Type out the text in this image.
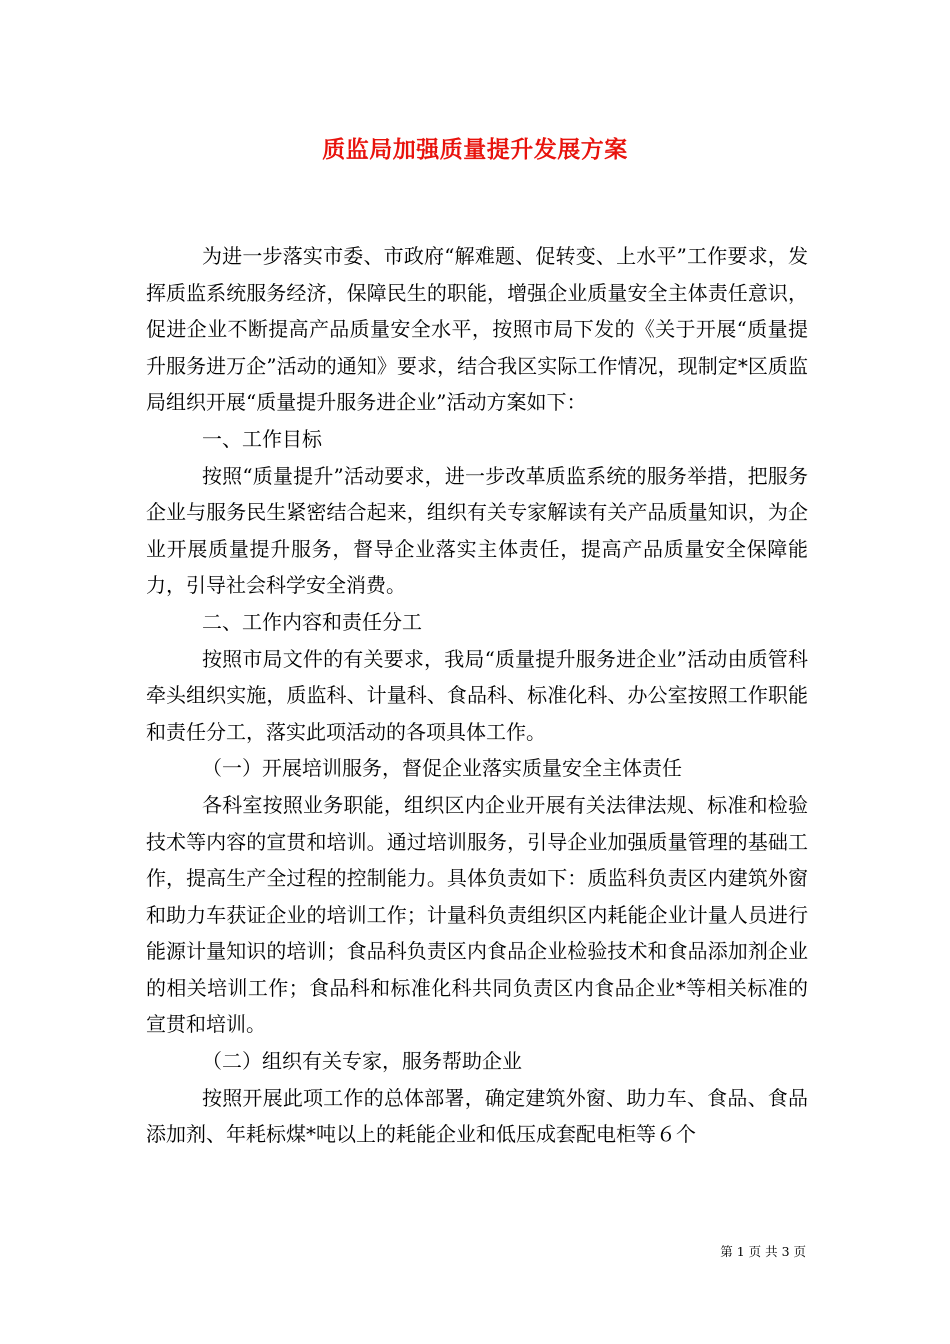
质监局加强质量提升发展方案

为进一步落实市委、市政府“解难题、促转变、上水平”工作要求，发挥质监系统服务经济，保障民生的职能，增强企业质量安全主体责任意识，促进企业不断提高产品质量安全水平，按照市局下发的《关于开展“质量提升服务进万企”活动的通知》要求，结合我区实际工作情况，现制定*区质监局组织开展“质量提升服务进企业”活动方案如下：

一、工作目标

按照“质量提升”活动要求，进一步改革质监系统的服务举措，把服务企业与服务民生紧密结合起来，组织有关专家解读有关产品质量知识，为企业开展质量提升服务，督导企业落实主体责任，提高产品质量安全保障能力，引导社会科学安全消费。

二、工作内容和责任分工

按照市局文件的有关要求，我局“质量提升服务进企业”活动由质管科牵头组织实施，质监科、计量科、食品科、标准化科、办公室按照工作职能和责任分工，落实此项活动的各项具体工作。

（一）开展培训服务，督促企业落实质量安全主体责任

各科室按照业务职能，组织区内企业开展有关法律法规、标准和检验技术等内容的宣贯和培训。通过培训服务，引导企业加强质量管理的基础工作，提高生产全过程的控制能力。具体负责如下：质监科负责区内建筑外窗和助力车获证企业的培训工作；计量科负责组织区内耗能企业计量人员进行能源计量知识的培训；食品科负责区内食品企业检验技术和食品添加剂企业的相关培训工作；食品科和标准化科共同负责区内食品企业*等相关标准的宣贯和培训。

（二）组织有关专家，服务帮助企业

按照开展此项工作的总体部署，确定建筑外窗、助力车、食品、食品添加剂、年耗标煤*吨以上的耗能企业和低压成套配电柜等６个

第 1 页 共 3 页
